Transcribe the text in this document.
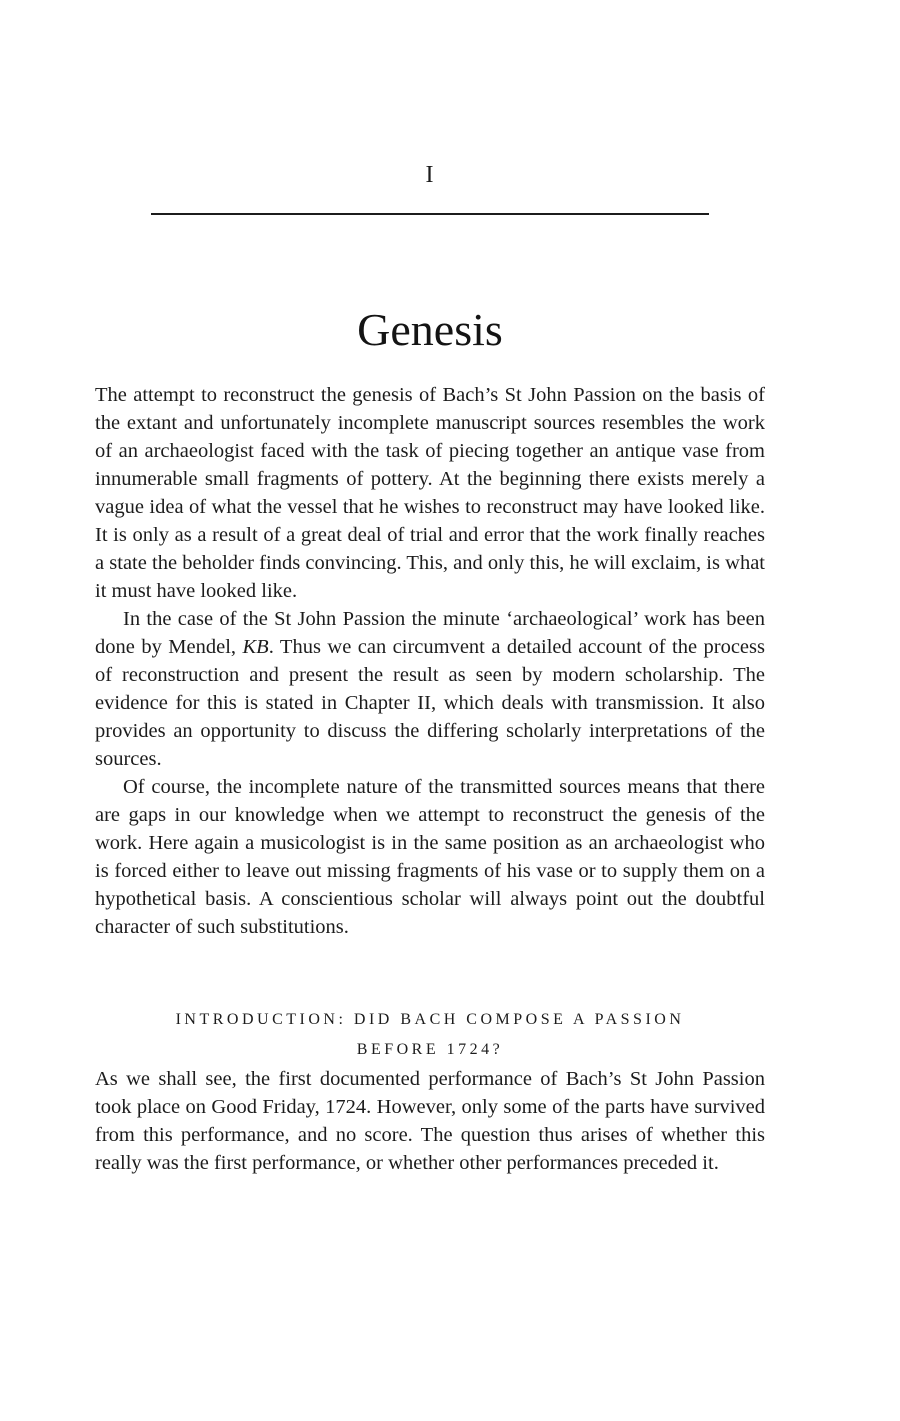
I
Genesis

The attempt to reconstruct the genesis of Bach’s St John Passion on the basis of the extant and unfortunately incomplete manuscript sources resembles the work of an archaeologist faced with the task of piecing together an antique vase from innumerable small fragments of pottery. At the beginning there exists merely a vague idea of what the vessel that he wishes to reconstruct may have looked like. It is only as a result of a great deal of trial and error that the work finally reaches a state the beholder finds convincing. This, and only this, he will exclaim, is what it must have looked like.

In the case of the St John Passion the minute ‘archaeological’ work has been done by Mendel, KB. Thus we can circumvent a detailed account of the process of reconstruction and present the result as seen by modern scholarship. The evidence for this is stated in Chapter II, which deals with transmission. It also provides an opportunity to discuss the differing scholarly interpretations of the sources.

Of course, the incomplete nature of the transmitted sources means that there are gaps in our knowledge when we attempt to reconstruct the genesis of the work. Here again a musicologist is in the same position as an archaeologist who is forced either to leave out missing fragments of his vase or to supply them on a hypothetical basis. A conscientious scholar will always point out the doubtful character of such substitutions.

INTRODUCTION: DID BACH COMPOSE A PASSION
BEFORE 1724?

As we shall see, the first documented performance of Bach’s St John Passion took place on Good Friday, 1724. However, only some of the parts have survived from this performance, and no score. The question thus arises of whether this really was the first performance, or whether other performances preceded it.
